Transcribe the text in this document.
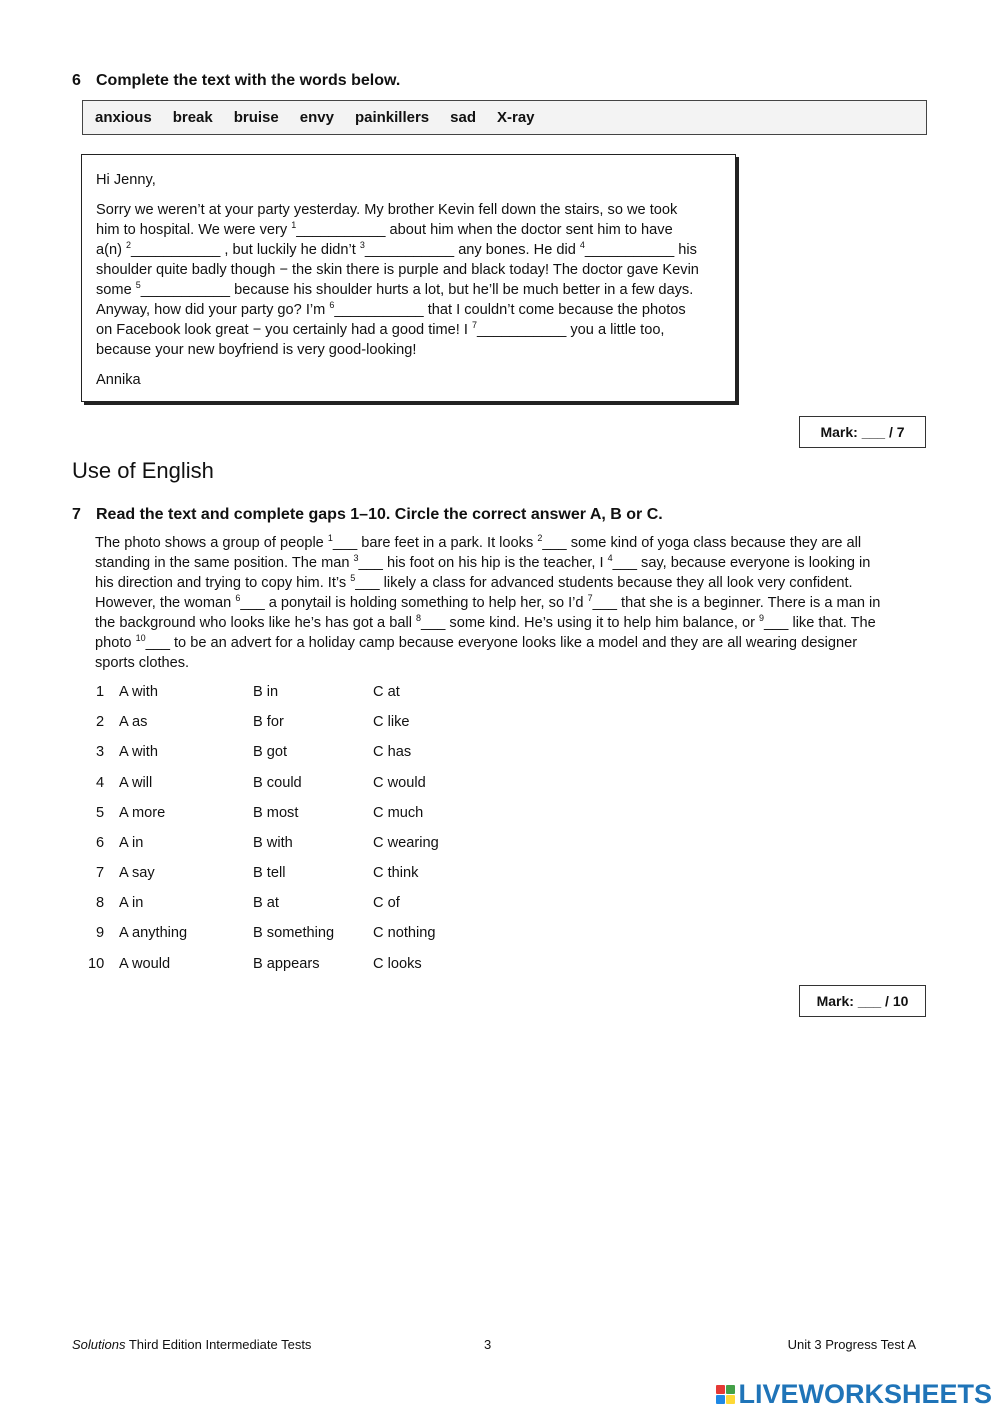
6 Complete the text with the words below.
anxious break bruise envy painkillers sad X-ray

Hi Jenny,

Sorry we weren’t at your party yesterday. My brother Kevin fell down the stairs, so we took
him to hospital. We were very $^1$___________ about him when the doctor sent him to have
a(n) $^2$___________ , but luckily he didn’t $^3$___________ any bones. He did $^4$___________ his
shoulder quite badly though − the skin there is purple and black today! The doctor gave Kevin
some $^5$___________ because his shoulder hurts a lot, but he’ll be much better in a few days.
Anyway, how did your party go? I’m $^6$___________ that I couldn’t come because the photos
on Facebook look great − you certainly had a good time! I $^7$___________ you a little too,
because your new boyfriend is very good-looking!

Annika

Mark: ___ / 7
Use of English
7 Read the text and complete gaps 1–10. Circle the correct answer A, B or C.
The photo shows a group of people $^1$___ bare feet in a park. It looks $^2$___ some kind of yoga class because they are all
standing in the same position. The man $^3$___ his foot on his hip is the teacher, I $^4$___ say, because everyone is looking in
his direction and trying to copy him. It’s $^5$___ likely a class for advanced students because they all look very confident.
However, the woman $^6$___ a ponytail is holding something to help her, so I’d $^7$___ that she is a beginner. There is a man in
the background who looks like he’s has got a ball $^8$___ some kind. He’s using it to help him balance, or $^9$___ like that. The
photo $^{10}$___ to be an advert for a holiday camp because everyone looks like a model and they are all wearing designer
sports clothes.
1 A with	B in	C at
2 A as	B for	C like
3 A with	B got	C has
4 A will	B could	C would
5 A more	B most	C much
6 A in	B with	C wearing
7 A say	B tell	C think
8 A in	B at	C of
9 A anything	B something	C nothing
10 A would	B appears	C looks
Mark: ___ / 10
Solutions Third Edition Intermediate Tests	3	Unit 3 Progress Test A
LIVEWORKSHEETS
